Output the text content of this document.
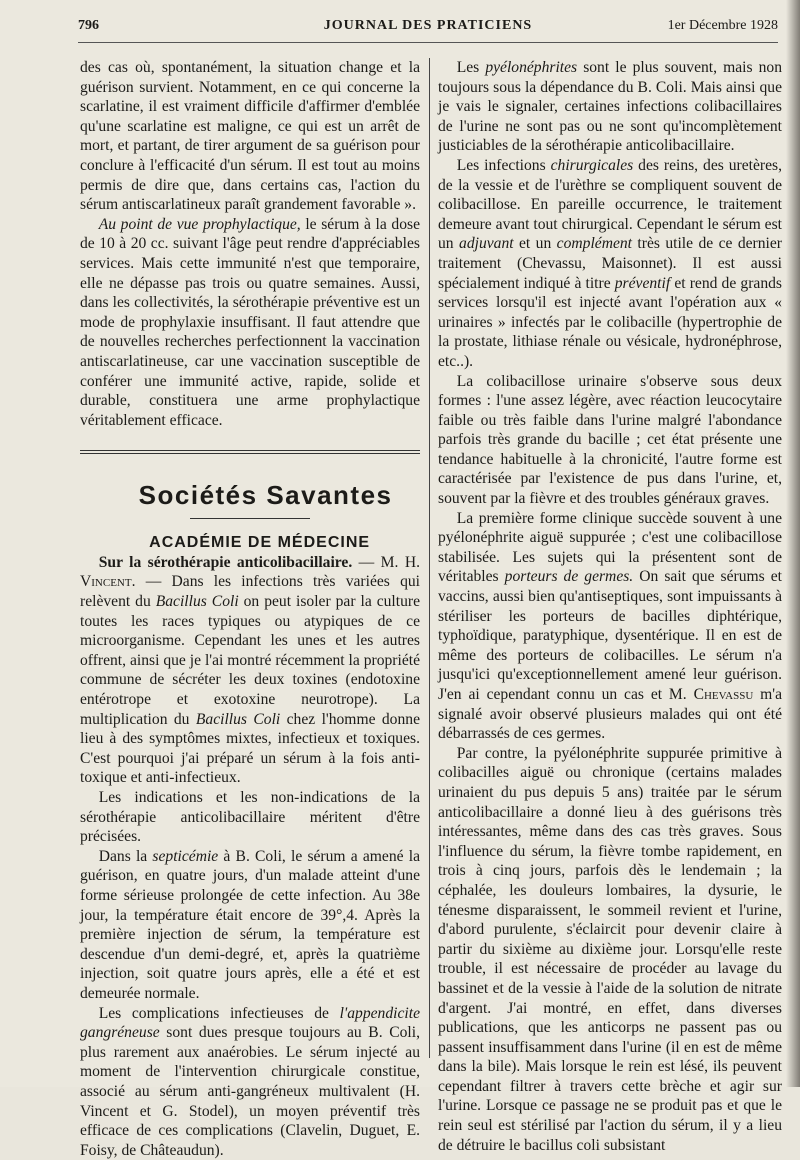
796	JOURNAL DES PRATICIENS	1er Décembre 1928

des cas où, spontanément, la situation change et la guérison survient. Notamment, en ce qui concerne la scarlatine, il est vraiment difficile d'affirmer d'emblée qu'une scarlatine est maligne, ce qui est un arrêt de mort, et partant, de tirer argument de sa guérison pour conclure à l'efficacité d'un sérum. Il est tout au moins permis de dire que, dans certains cas, l'action du sérum antiscarlatineux paraît grandement favorable ».

Au point de vue prophylactique, le sérum à la dose de 10 à 20 cc. suivant l'âge peut rendre d'appréciables services. Mais cette immunité n'est que temporaire, elle ne dépasse pas trois ou quatre semaines. Aussi, dans les collectivités, la sérothérapie préventive est un mode de prophylaxie insuffisant. Il faut attendre que de nouvelles recherches perfectionnent la vaccination antiscarlatineuse, car une vaccination susceptible de conférer une immunité active, rapide, solide et durable, constituera une arme prophylactique véritablement efficace.

Sociétés Savantes

ACADÉMIE DE MÉDECINE

Sur la sérothérapie anticolibacillaire. — M. H. Vincent. — Dans les infections très variées qui relèvent du Bacillus Coli on peut isoler par la culture toutes les races typiques ou atypiques de ce microorganisme. Cependant les unes et les autres offrent, ainsi que je l'ai montré récemment la propriété commune de sécréter les deux toxines (endotoxine entérotrope et exotoxine neurotrope). La multiplication du Bacillus Coli chez l'homme donne lieu à des symptômes mixtes, infectieux et toxiques. C'est pourquoi j'ai préparé un sérum à la fois anti-toxique et anti-infectieux.

Les indications et les non-indications de la sérothérapie anticolibacillaire méritent d'être précisées.

Dans la septicémie à B. Coli, le sérum a amené la guérison, en quatre jours, d'un malade atteint d'une forme sérieuse prolongée de cette infection. Au 38e jour, la température était encore de 39°,4. Après la première injection de sérum, la température est descendue d'un demi-degré, et, après la quatrième injection, soit quatre jours après, elle a été et est demeurée normale.

Les complications infectieuses de l'appendicite gangréneuse sont dues presque toujours au B. Coli, plus rarement aux anaérobies. Le sérum injecté au moment de l'intervention chirurgicale constitue, associé au sérum anti-gangréneux multivalent (H. Vincent et G. Stodel), un moyen préventif très efficace de ces complications (Clavelin, Duguet, E. Foisy, de Châteaudun).

Les pyélonéphrites sont le plus souvent, mais non toujours sous la dépendance du B. Coli. Mais ainsi que je vais le signaler, certaines infections colibacillaires de l'urine ne sont pas ou ne sont qu'incomplètement justiciables de la sérothérapie anticolibacillaire.

Les infections chirurgicales des reins, des uretères, de la vessie et de l'urèthre se compliquent souvent de colibacillose. En pareille occurrence, le traitement demeure avant tout chirurgical. Cependant le sérum est un adjuvant et un complément très utile de ce dernier traitement (Chevassu, Maisonnet). Il est aussi spécialement indiqué à titre préventif et rend de grands services lorsqu'il est injecté avant l'opération aux « urinaires » infectés par le colibacille (hypertrophie de la prostate, lithiase rénale ou vésicale, hydronéphrose, etc..).

La colibacillose urinaire s'observe sous deux formes : l'une assez légère, avec réaction leucocytaire faible ou très faible dans l'urine malgré l'abondance parfois très grande du bacille ; cet état présente une tendance habituelle à la chronicité, l'autre forme est caractérisée par l'existence de pus dans l'urine, et, souvent par la fièvre et des troubles généraux graves.

La première forme clinique succède souvent à une pyélonéphrite aiguë suppurée ; c'est une colibacillose stabilisée. Les sujets qui la présentent sont de véritables porteurs de germes. On sait que sérums et vaccins, aussi bien qu'antiseptiques, sont impuissants à stériliser les porteurs de bacilles diphtérique, typhoïdique, paratyphique, dysentérique. Il en est de même des porteurs de colibacilles. Le sérum n'a jusqu'ici qu'exceptionnellement amené leur guérison. J'en ai cependant connu un cas et M. Chevassu m'a signalé avoir observé plusieurs malades qui ont été débarrassés de ces germes.

Par contre, la pyélonéphrite suppurée primitive à colibacilles aiguë ou chronique (certains malades urinaient du pus depuis 5 ans) traitée par le sérum anticolibacillaire a donné lieu à des guérisons très intéressantes, même dans des cas très graves. Sous l'influence du sérum, la fièvre tombe rapidement, en trois à cinq jours, parfois dès le lendemain ; la céphalée, les douleurs lombaires, la dysurie, le ténesme disparaissent, le sommeil revient et l'urine, d'abord purulente, s'éclaircit pour devenir claire à partir du sixième au dixième jour. Lorsqu'elle reste trouble, il est nécessaire de procéder au lavage du bassinet et de la vessie à l'aide de la solution de nitrate d'argent. J'ai montré, en effet, dans diverses publications, que les anticorps ne passent pas ou passent insuffisamment dans l'urine (il en est de même dans la bile). Mais lorsque le rein est lésé, ils peuvent cependant filtrer à travers cette brèche et agir sur l'urine. Lorsque ce passage ne se produit pas et que le rein seul est stérilisé par l'action du sérum, il y a lieu de détruire le bacillus coli subsistant
